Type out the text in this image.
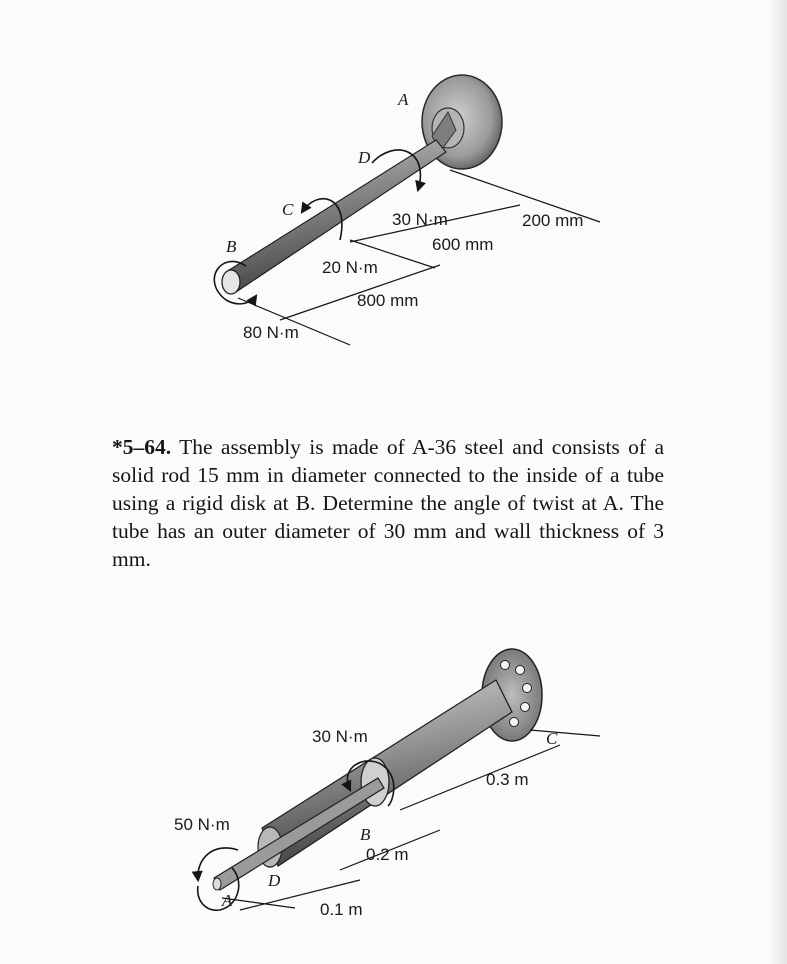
A
D
C
B
30 N·m
20 N·m
80 N·m
200 mm
600 mm
800 mm
*5–64. The assembly is made of A-36 steel and consists of a solid rod 15 mm in diameter connected to the inside of a tube using a rigid disk at B. Determine the angle of twist at A. The tube has an outer diameter of 30 mm and wall thickness of 3 mm.
30 N·m
50 N·m
C
B
D
A
0.3 m
0.2 m
0.1 m
